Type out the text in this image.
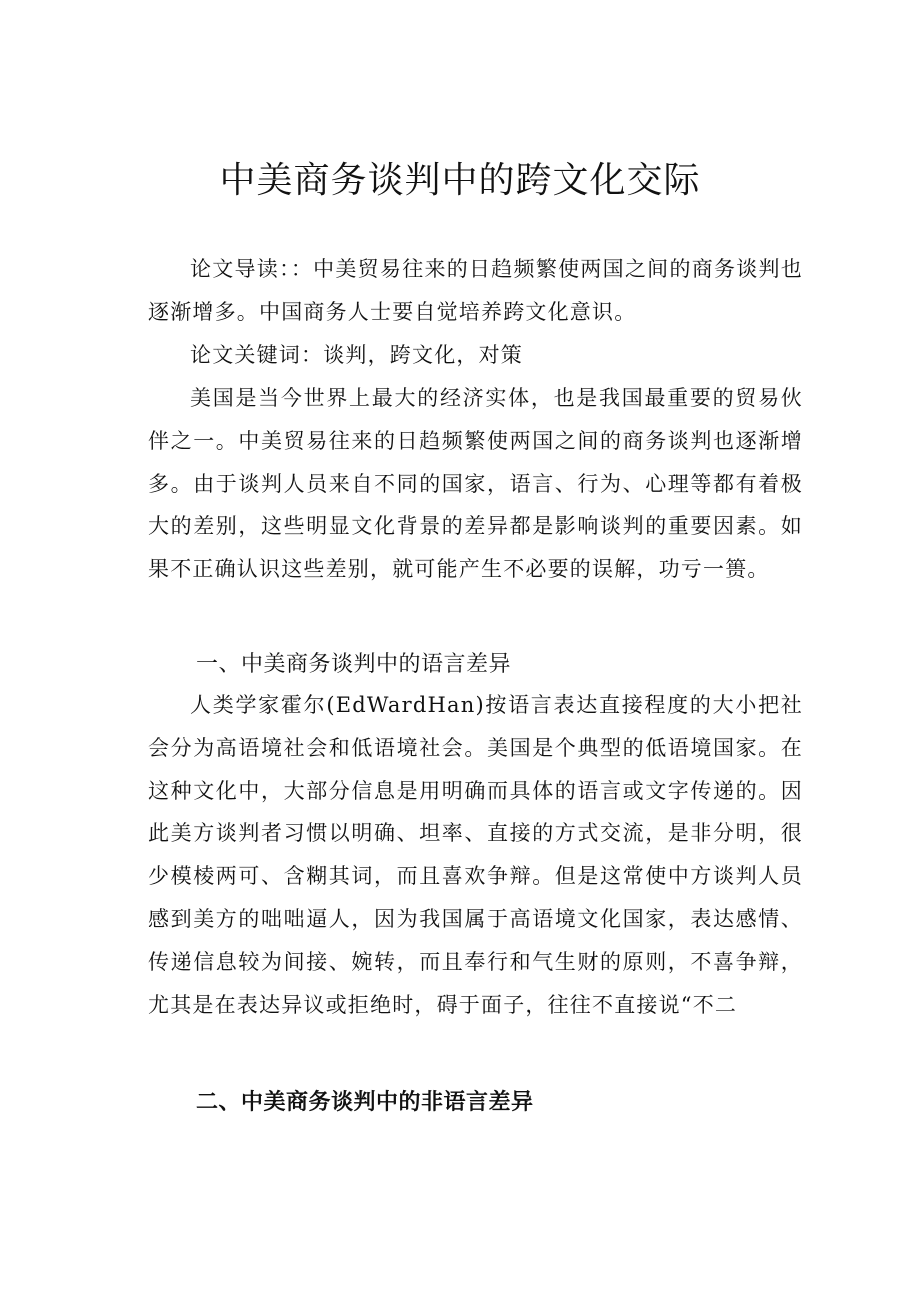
中美商务谈判中的跨文化交际

论文导读：：中美贸易往来的日趋频繁使两国之间的商务谈判也逐渐增多。中国商务人士要自觉培养跨文化意识。

论文关键词：谈判，跨文化，对策

美国是当今世界上最大的经济实体，也是我国最重要的贸易伙伴之一。中美贸易往来的日趋频繁使两国之间的商务谈判也逐渐增多。由于谈判人员来自不同的国家，语言、行为、心理等都有着极大的差别，这些明显文化背景的差异都是影响谈判的重要因素。如果不正确认识这些差别，就可能产生不必要的误解，功亏一篑。

一、中美商务谈判中的语言差异

人类学家霍尔(EdWardHan)按语言表达直接程度的大小把社会分为高语境社会和低语境社会。美国是个典型的低语境国家。在这种文化中，大部分信息是用明确而具体的语言或文字传递的。因此美方谈判者习惯以明确、坦率、直接的方式交流，是非分明，很少模棱两可、含糊其词，而且喜欢争辩。但是这常使中方谈判人员感到美方的咄咄逼人，因为我国属于高语境文化国家，表达感情、传递信息较为间接、婉转，而且奉行和气生财的原则，不喜争辩，尤其是在表达异议或拒绝时，碍于面子，往往不直接说“不二

二、中美商务谈判中的非语言差异
